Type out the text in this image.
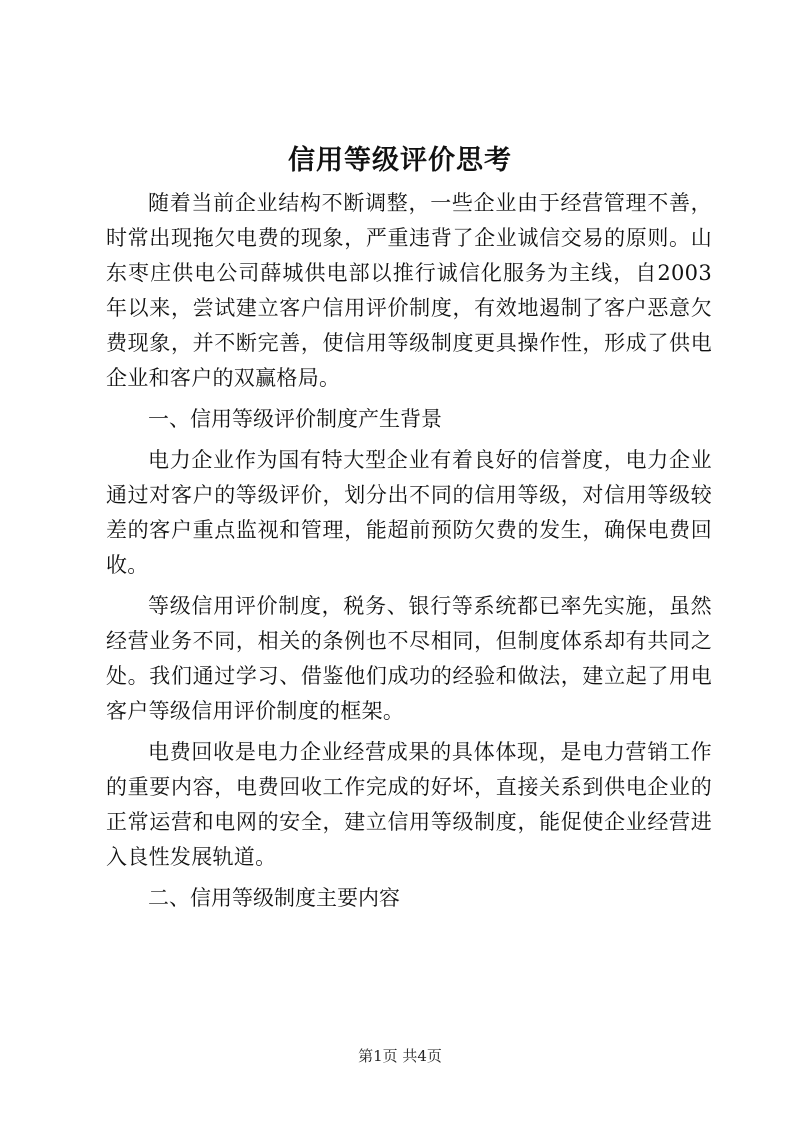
信用等级评价思考

随着当前企业结构不断调整，一些企业由于经营管理不善，时常出现拖欠电费的现象，严重违背了企业诚信交易的原则。山东枣庄供电公司薛城供电部以推行诚信化服务为主线，自2003年以来，尝试建立客户信用评价制度，有效地遏制了客户恶意欠费现象，并不断完善，使信用等级制度更具操作性，形成了供电企业和客户的双赢格局。

一、信用等级评价制度产生背景

电力企业作为国有特大型企业有着良好的信誉度，电力企业通过对客户的等级评价，划分出不同的信用等级，对信用等级较差的客户重点监视和管理，能超前预防欠费的发生，确保电费回收。

等级信用评价制度，税务、银行等系统都已率先实施，虽然经营业务不同，相关的条例也不尽相同，但制度体系却有共同之处。我们通过学习、借鉴他们成功的经验和做法，建立起了用电客户等级信用评价制度的框架。

电费回收是电力企业经营成果的具体体现，是电力营销工作的重要内容，电费回收工作完成的好坏，直接关系到供电企业的正常运营和电网的安全，建立信用等级制度，能促使企业经营进入良性发展轨道。

二、信用等级制度主要内容

第1页 共4页
